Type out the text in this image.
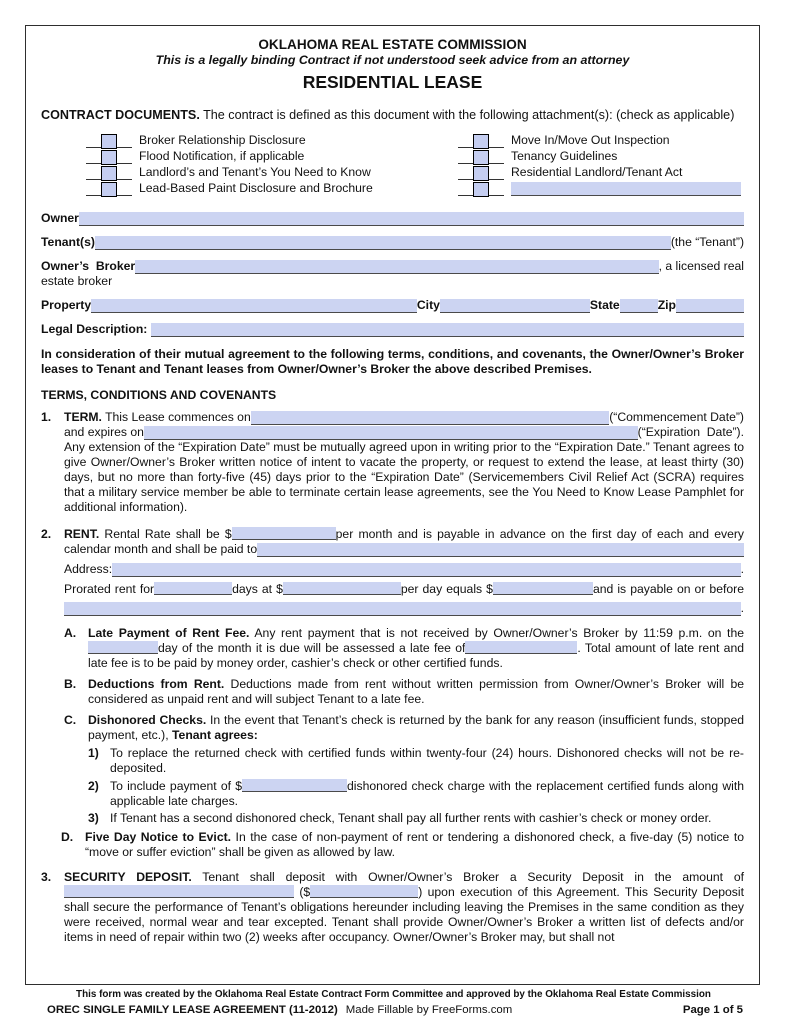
OKLAHOMA REAL ESTATE COMMISSION
This is a legally binding Contract if not understood seek advice from an attorney
RESIDENTIAL LEASE
CONTRACT DOCUMENTS. The contract is defined as this document with the following attachment(s): (check as applicable)
Broker Relationship Disclosure
Flood Notification, if applicable
Landlord’s and Tenant’s You Need to Know
Lead-Based Paint Disclosure and Brochure
Move In/Move Out Inspection
Tenancy Guidelines
Residential Landlord/Tenant Act
Owner
Tenant(s)	(the “Tenant”)
Owner’s  Broker	, a licensed real
estate broker
Property	City	State	Zip
Legal Description:
In consideration of their mutual agreement to the following terms, conditions, and covenants, the Owner/Owner’s Broker leases to Tenant and Tenant leases from Owner/Owner’s Broker the above described Premises.
TERMS, CONDITIONS AND COVENANTS
1.	TERM. This Lease commences on	(“Commencement Date”)
and expires on	(“Expiration  Date”).
Any extension of the “Expiration Date” must be mutually agreed upon in writing prior to the “Expiration Date.” Tenant agrees to give Owner/Owner’s Broker written notice of intent to vacate the property, or request to extend the lease, at least thirty (30) days, but no more than forty-five (45) days prior to the “Expiration Date” (Servicemembers Civil Relief Act (SCRA) requires that a military service member be able to terminate certain lease agreements, see the You Need to Know Lease Pamphlet for additional information).
2.	RENT. Rental Rate shall be $	per month and is payable in advance on the first day of each and every
calendar month and shall be paid to
Address:	.
Prorated rent for	days at $	per day equals $	and is payable on or before
.
A. Late Payment of Rent Fee. Any rent payment that is not received by Owner/Owner’s Broker by 11:59 p.m. on theday of the month it is due will be assessed a late fee of	. Total amount of late rent and late fee is to be paid by money order, cashier’s check or other certified funds.
B. Deductions from Rent. Deductions made from rent without written permission from Owner/Owner’s Broker will be considered as unpaid rent and will subject Tenant to a late fee.
C. Dishonored Checks. In the event that Tenant’s check is returned by the bank for any reason (insufficient funds, stopped payment, etc.), Tenant agrees:
1) To replace the returned check with certified funds within twenty-four (24) hours. Dishonored checks will not be re-deposited.
2) To include payment of $	dishonored check charge with the replacement certified funds along with applicable late charges.
3) If Tenant has a second dishonored check, Tenant shall pay all further rents with cashier’s check or money order.
D. Five Day Notice to Evict. In the case of non-payment of rent or tendering a dishonored check, a five-day (5) notice to “move or suffer eviction” shall be given as allowed by law.
3.	SECURITY DEPOSIT. Tenant shall deposit with Owner/Owner’s Broker a Security Deposit in the amount of  ($	) upon execution of this Agreement. This Security Deposit shall secure the performance of Tenant’s obligations hereunder including leaving the Premises in the same condition as they were received, normal wear and tear excepted. Tenant shall provide Owner/Owner’s Broker a written list of defects and/or items in need of repair within two (2) weeks after occupancy. Owner/Owner’s Broker may, but shall not
This form was created by the Oklahoma Real Estate Contract Form Committee and approved by the Oklahoma Real Estate Commission
OREC SINGLE FAMILY LEASE AGREEMENT (11-2012) Made Fillable by FreeForms.com	Page 1 of 5
